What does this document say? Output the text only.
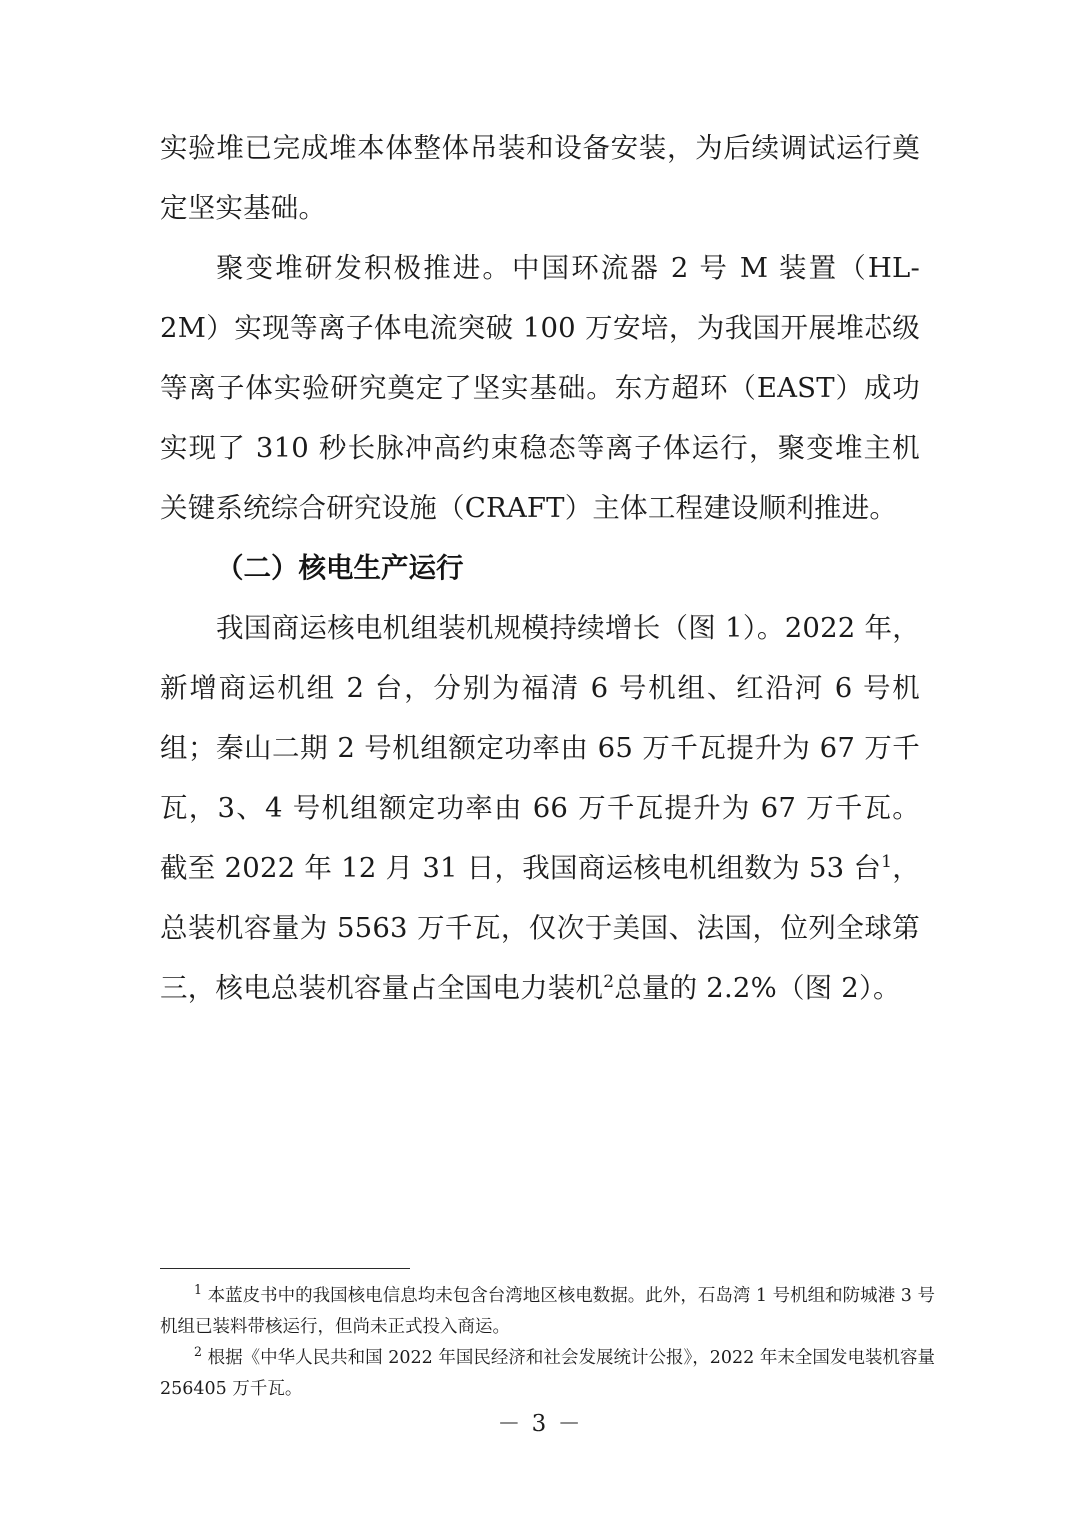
实验堆已完成堆本体整体吊装和设备安装，为后续调试运行奠定坚实基础。

聚变堆研发积极推进。中国环流器 2 号 M 装置（HL-2M）实现等离子体电流突破 100 万安培，为我国开展堆芯级等离子体实验研究奠定了坚实基础。东方超环（EAST）成功实现了 310 秒长脉冲高约束稳态等离子体运行，聚变堆主机关键系统综合研究设施（CRAFT）主体工程建设顺利推进。

（二）核电生产运行

我国商运核电机组装机规模持续增长（图 1）。2022 年，新增商运机组 2 台，分别为福清 6 号机组、红沿河 6 号机组；秦山二期 2 号机组额定功率由 65 万千瓦提升为 67 万千瓦，3、4 号机组额定功率由 66 万千瓦提升为 67 万千瓦。截至 2022 年 12 月 31 日，我国商运核电机组数为 53 台$^1$，总装机容量为 5563 万千瓦，仅次于美国、法国，位列全球第三，核电总装机容量占全国电力装机$^2$总量的 2.2%（图 2）。

$^1$ 本蓝皮书中的我国核电信息均未包含台湾地区核电数据。此外，石岛湾 1 号机组和防城港 3 号机组已装料带核运行，但尚未正式投入商运。

$^2$ 根据《中华人民共和国 2022 年国民经济和社会发展统计公报》，2022 年末全国发电装机容量 256405 万千瓦。

－ 3 －
